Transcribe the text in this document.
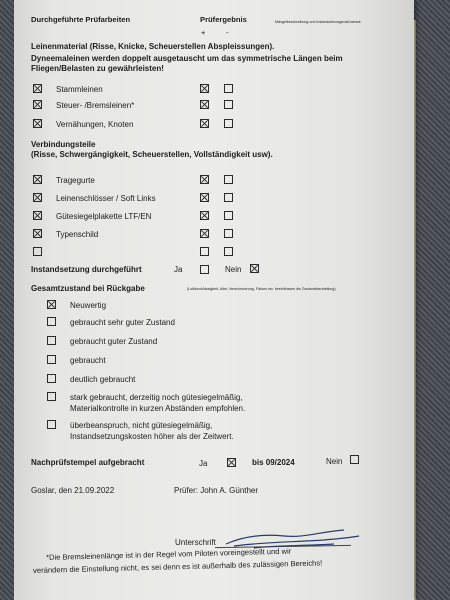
Durchgeführte Prüfarbeiten	Prüfergebnis	Mängelbeschreibung und Instandsetzungsmaßnahme
+	-
Leinenmaterial (Risse, Knicke, Scheuerstellen Abspleissungen).
Dyneemaleinen werden doppelt ausgetauscht um das symmetrische Längen beim Fliegen/Belasten zu gewährleisten!
Stammleinen
Steuer- /Bremsleinen*
Vernähungen, Knoten
Verbindungsteile
(Risse, Schwergängigkeit, Scheuerstellen, Vollständigkeit usw).
Tragegurte
Leinenschlösser / Soft Links
Gütesiegelplakette LTF/EN
Typenschild
Instandsetzung durchgeführt	Ja	Nein
Gesamtzustand bei Rückgabe	(Luftdurchlässigkeit, Alter, Verschmutzung, Flicken etc. beeinflussen die Zustandsbeurteilung)
Neuwertig
gebraucht sehr guter Zustand
gebraucht guter Zustand
gebraucht
deutlich gebraucht
stark gebraucht, derzeitig noch gütesiegelmäßig,
Materialkontrolle in kurzen Abständen empfohlen.
überbeanspruch, nicht gütesiegelmäßig,
Instandsetzungskosten höher als der Zeitwert.
Nachprüfstempel aufgebracht	Ja	bis 09/2024	Nein
Goslar, den 21.09.2022	Prüfer: John A. Günther
Unterschrift
*Die Bremsleinenlänge ist in der Regel vom Piloten voreingestellt und wir
verändern die Einstellung nicht, es sei denn es ist außerhalb des zulässigen Bereichs!
